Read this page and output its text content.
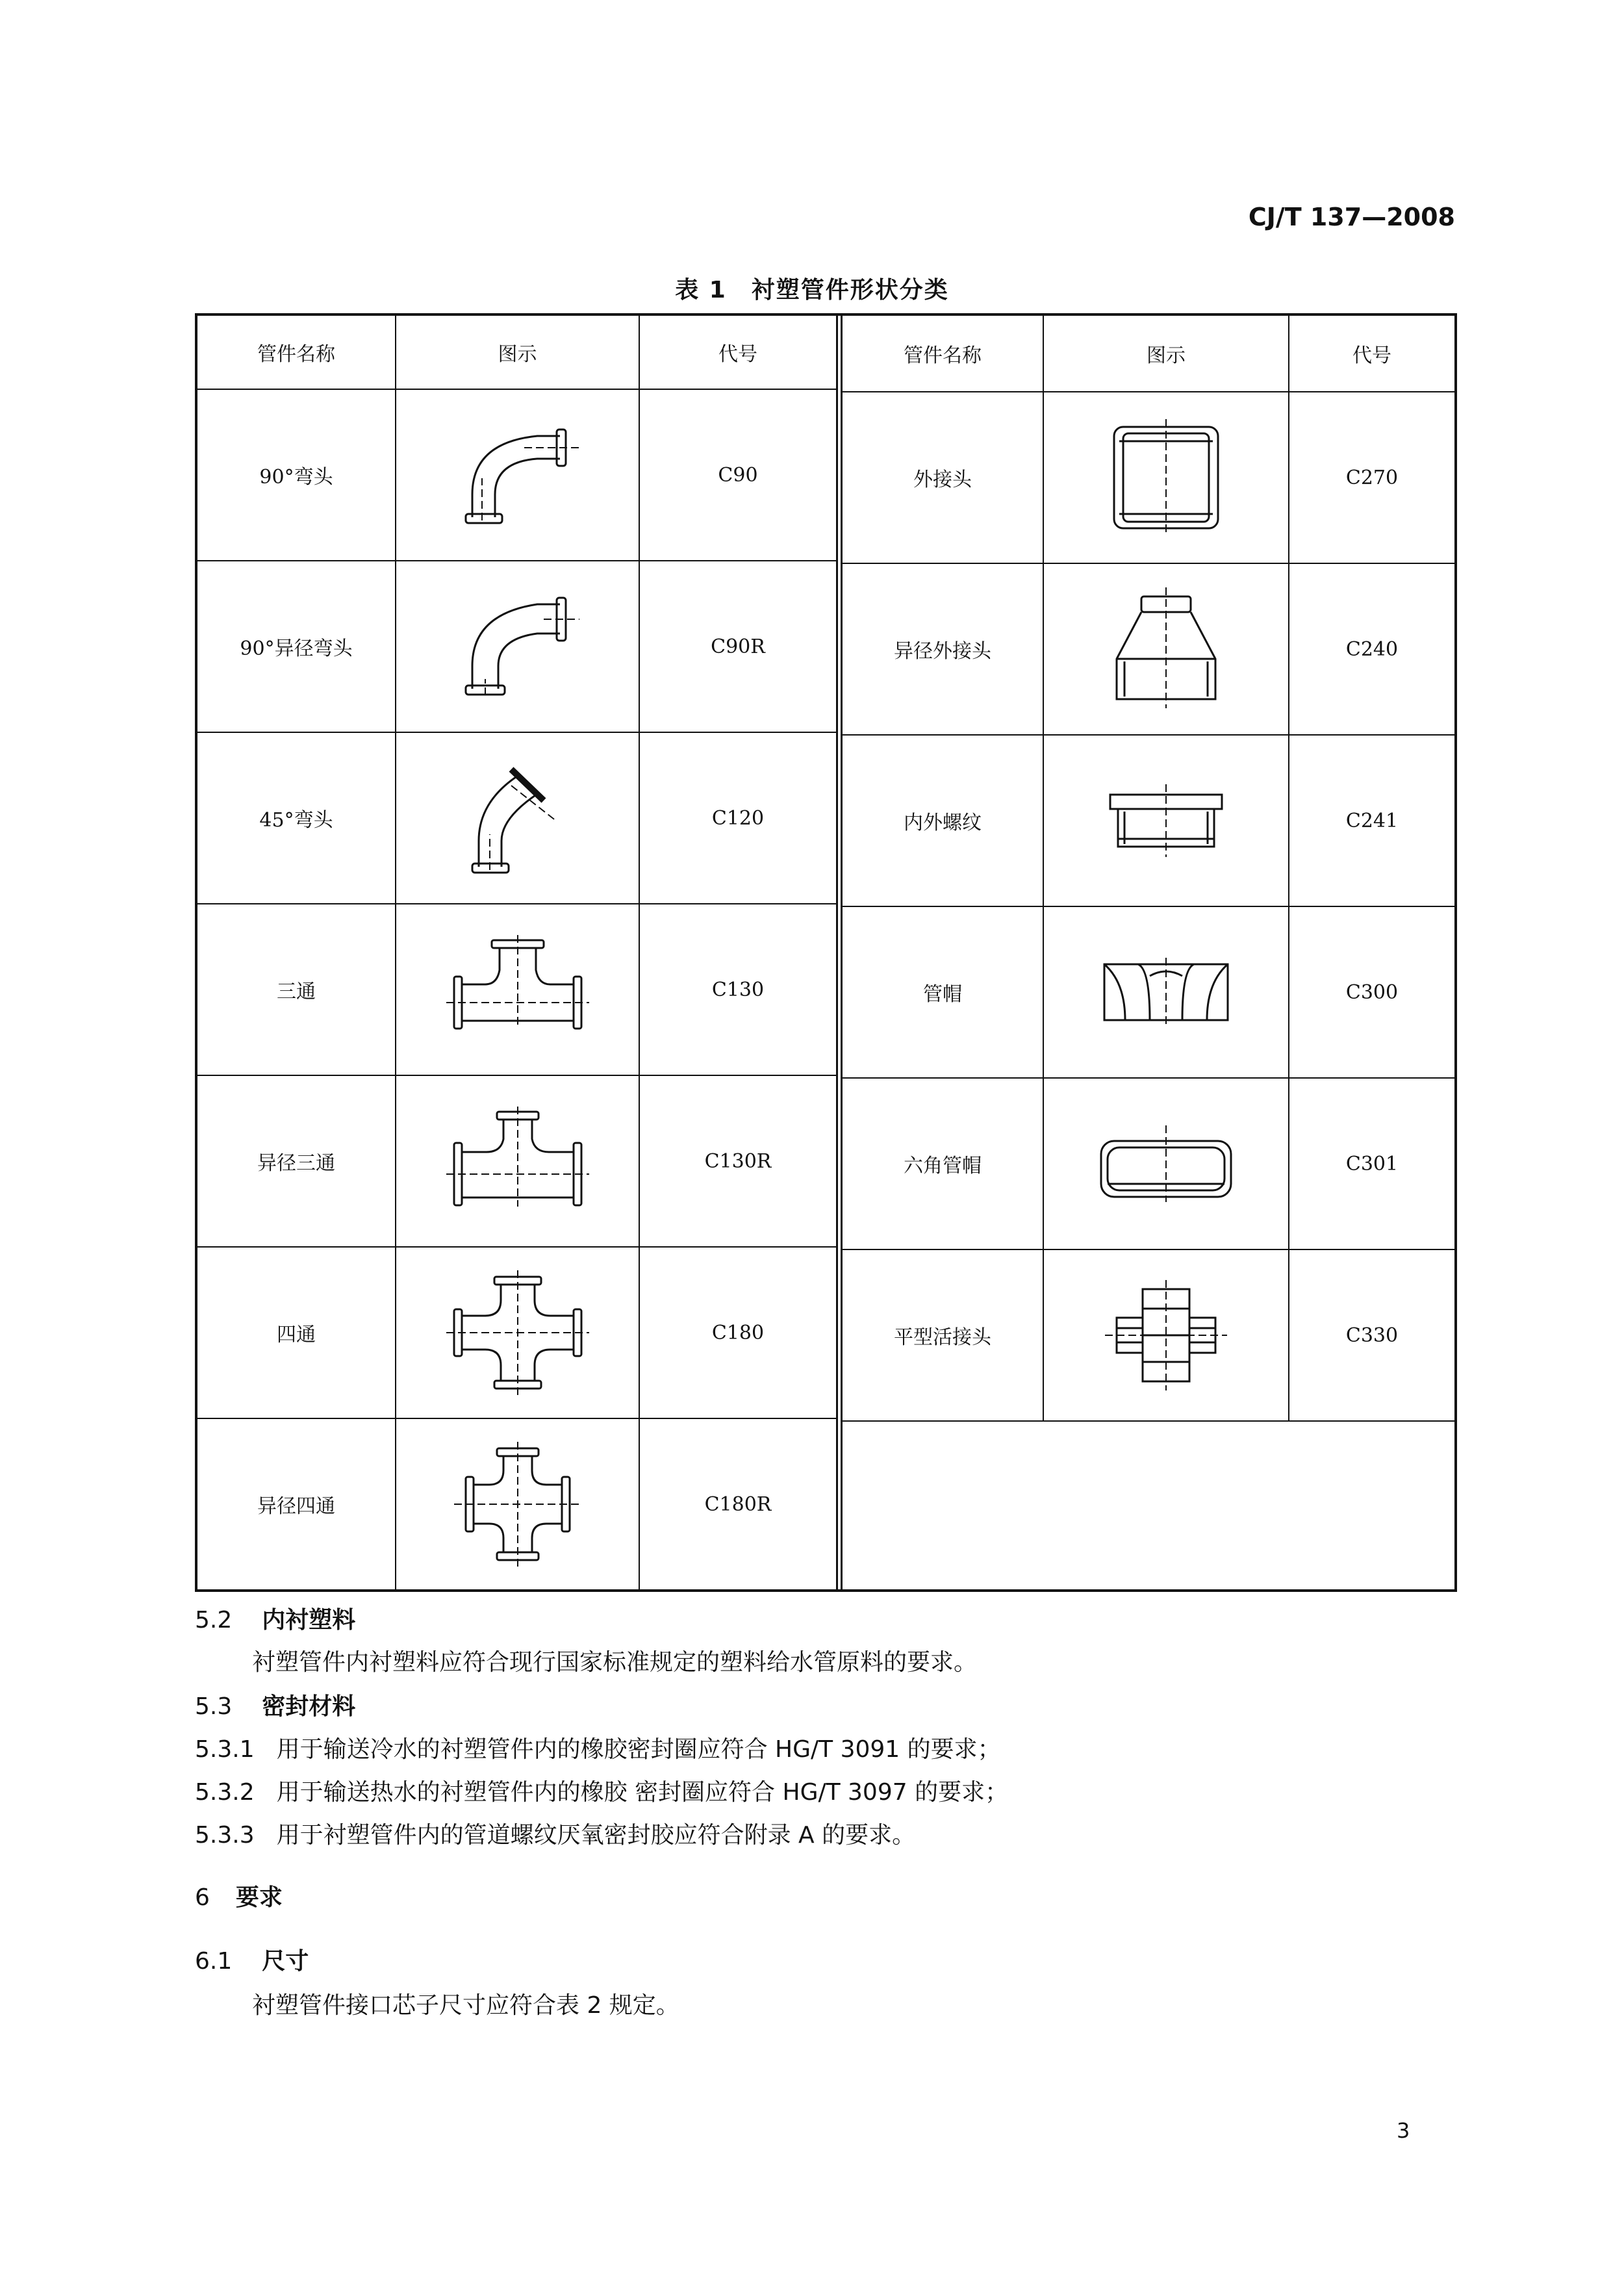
CJ/T 137—2008
表 1　衬塑管件形状分类
管件名称	图示	代号
90°弯头	C90
90°异径弯头	C90R
45°弯头	C120
三通	C130
异径三通	C130R
四通	C180
异径四通	C180R
管件名称	图示	代号
外接头	C270
异径外接头	C240
内外螺纹	C241
管帽	C300
六角管帽	C301
平型活接头	C330
5.2 内衬塑料
衬塑管件内衬塑料应符合现行国家标准规定的塑料给水管原料的要求。
5.3 密封材料
5.3.1 用于输送冷水的衬塑管件内的橡胶密封圈应符合 HG/T 3091 的要求；
5.3.2 用于输送热水的衬塑管件内的橡胶 密封圈应符合 HG/T 3097 的要求；
5.3.3 用于衬塑管件内的管道螺纹厌氧密封胶应符合附录 A 的要求。
6 要求
6.1 尺寸
衬塑管件接口芯子尺寸应符合表 2 规定。
3
